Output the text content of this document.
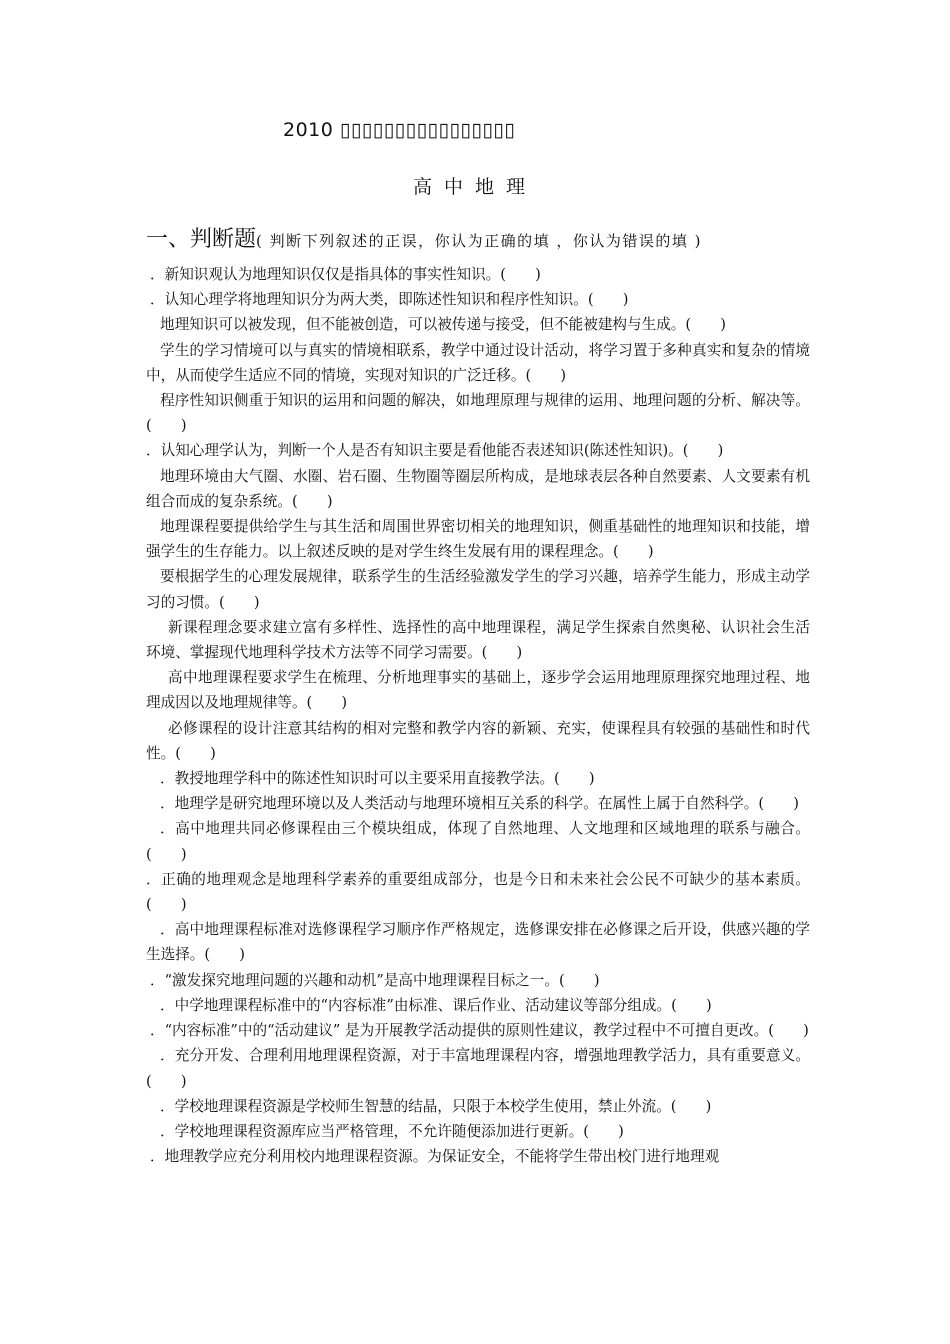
2010 ▯▯▯▯▯▯▯▯▯▯▯▯▯▯▯▯
高中地理
一、判断题( 判断下列叙述的正误，你认为正确的填 ，你认为错误的填 )

．新知识观认为地理知识仅仅是指具体的事实性知识。(　　)

．认知心理学将地理知识分为两大类，即陈述性知识和程序性知识。(　　)

地理知识可以被发现，但不能被创造，可以被传递与接受，但不能被建构与生成。(　　)

学生的学习情境可以与真实的情境相联系，教学中通过设计活动，将学习置于多种真实和复杂的情境中，从而使学生适应不同的情境，实现对知识的广泛迁移。(　　)

程序性知识侧重于知识的运用和问题的解决，如地理原理与规律的运用、地理问题的分析、解决等。(　　)

．认知心理学认为，判断一个人是否有知识主要是看他能否表述知识(陈述性知识)。(　　)

地理环境由大气圈、水圈、岩石圈、生物圈等圈层所构成，是地球表层各种自然要素、人文要素有机组合而成的复杂系统。(　　)

地理课程要提供给学生与其生活和周围世界密切相关的地理知识，侧重基础性的地理知识和技能，增强学生的生存能力。以上叙述反映的是对学生终生发展有用的课程理念。(　　)

要根据学生的心理发展规律，联系学生的生活经验激发学生的学习兴趣，培养学生能力，形成主动学习的习惯。(　　)

新课程理念要求建立富有多样性、选择性的高中地理课程，满足学生探索自然奥秘、认识社会生活环境、掌握现代地理科学技术方法等不同学习需要。(　　)

高中地理课程要求学生在梳理、分析地理事实的基础上，逐步学会运用地理原理探究地理过程、地理成因以及地理规律等。(　　)

必修课程的设计注意其结构的相对完整和教学内容的新颖、充实，使课程具有较强的基础性和时代性。(　　)

．教授地理学科中的陈述性知识时可以主要采用直接教学法。(　　)

．地理学是研究地理环境以及人类活动与地理环境相互关系的科学。在属性上属于自然科学。(　　)

．高中地理共同必修课程由三个模块组成，体现了自然地理、人文地理和区域地理的联系与融合。(　　)

．正确的地理观念是地理科学素养的重要组成部分，也是今日和未来社会公民不可缺少的基本素质。(　　)

．高中地理课程标准对选修课程学习顺序作严格规定，选修课安排在必修课之后开设，供感兴趣的学生选择。(　　)

．“激发探究地理问题的兴趣和动机”是高中地理课程目标之一。(　　)

．中学地理课程标准中的“内容标准”由标准、课后作业、活动建议等部分组成。(　　)

．“内容标准”中的“活动建议” 是为开展教学活动提供的原则性建议，教学过程中不可擅自更改。(　　)

．充分开发、合理利用地理课程资源，对于丰富地理课程内容，增强地理教学活力，具有重要意义。(　　)

．学校地理课程资源是学校师生智慧的结晶，只限于本校学生使用，禁止外流。(　　)

．学校地理课程资源库应当严格管理，不允许随便添加进行更新。(　　)

．地理教学应充分利用校内地理课程资源。为保证安全，不能将学生带出校门进行地理观
